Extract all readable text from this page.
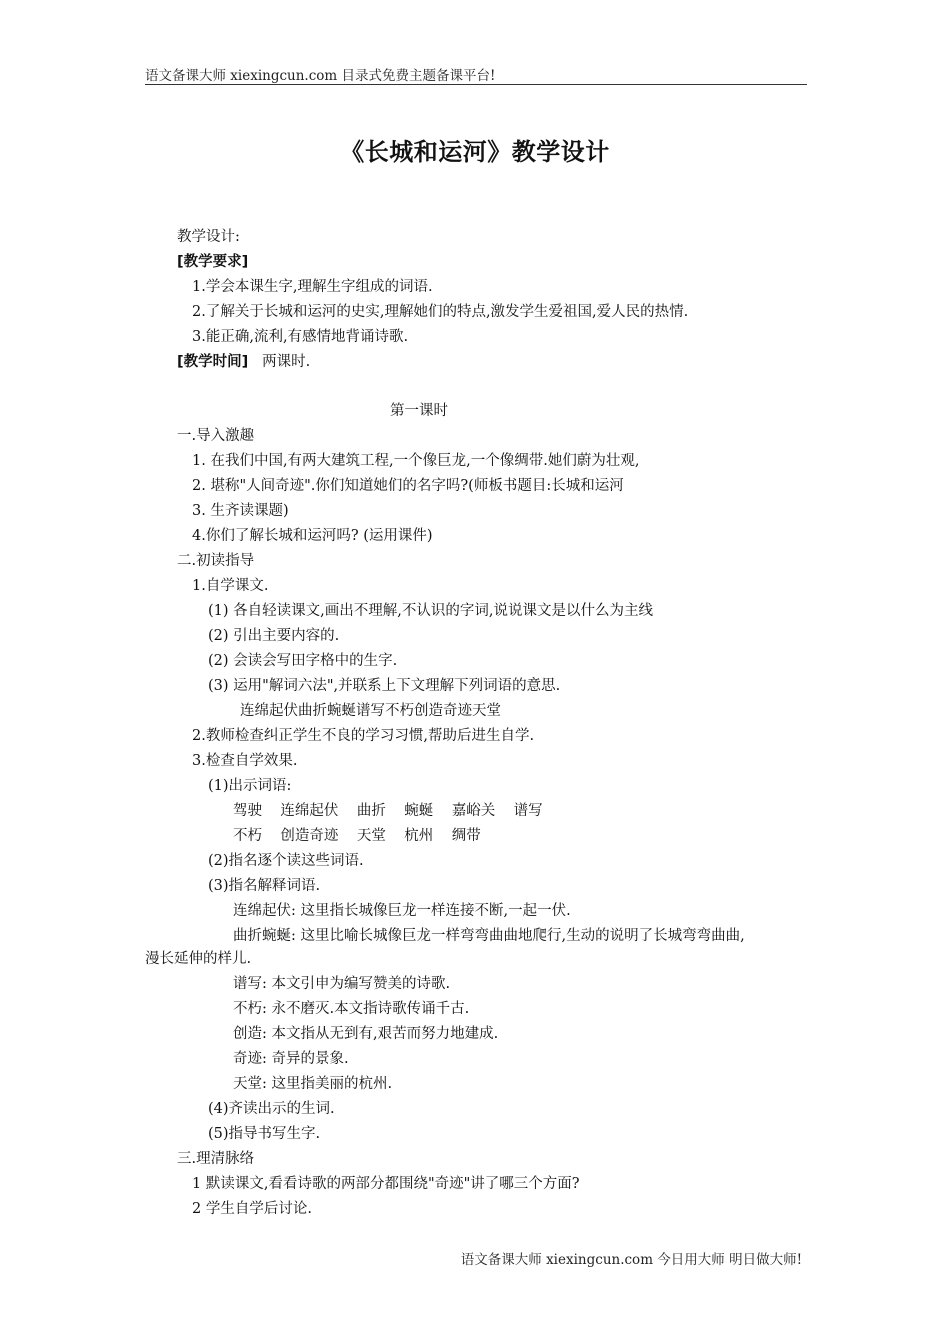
语文备课大师 xiexingcun.com 目录式免费主题备课平台!
《长城和运河》教学设计
教学设计:
[教学要求]
1.学会本课生字,理解生字组成的词语.
2.了解关于长城和运河的史实,理解她们的特点,激发学生爱祖国,爱人民的热情.
3.能正确,流利,有感情地背诵诗歌.
[教学时间] 两课时.
第一课时
一.导入激趣
1. 在我们中国,有两大建筑工程,一个像巨龙,一个像绸带.她们蔚为壮观,
2. 堪称"人间奇迹".你们知道她们的名字吗?(师板书题目:长城和运河
3. 生齐读课题)
4.你们了解长城和运河吗? (运用课件)
二.初读指导
1.自学课文.
(1) 各自轻读课文,画出不理解,不认识的字词,说说课文是以什么为主线
(2) 引出主要内容的.
(2) 会读会写田字格中的生字.
(3) 运用"解词六法",并联系上下文理解下列词语的意思.
连绵起伏曲折蜿蜒谱写不朽创造奇迹天堂
2.教师检查纠正学生不良的学习习惯,帮助后进生自学.
3.检查自学效果.
(1)出示词语:
驾驶    连绵起伏    曲折    蜿蜒    嘉峪关    谱写
不朽    创造奇迹    天堂    杭州    绸带
(2)指名逐个读这些词语.
(3)指名解释词语.
连绵起伏: 这里指长城像巨龙一样连接不断,一起一伏.
曲折蜿蜒: 这里比喻长城像巨龙一样弯弯曲曲地爬行,生动的说明了长城弯弯曲曲,
漫长延伸的样儿.
谱写: 本文引申为编写赞美的诗歌.
不朽: 永不磨灭.本文指诗歌传诵千古.
创造: 本文指从无到有,艰苦而努力地建成.
奇迹: 奇异的景象.
天堂: 这里指美丽的杭州.
(4)齐读出示的生词.
(5)指导书写生字.
三.理清脉络
1 默读课文,看看诗歌的两部分都围绕"奇迹"讲了哪三个方面?
2 学生自学后讨论.
语文备课大师 xiexingcun.com 今日用大师 明日做大师!
